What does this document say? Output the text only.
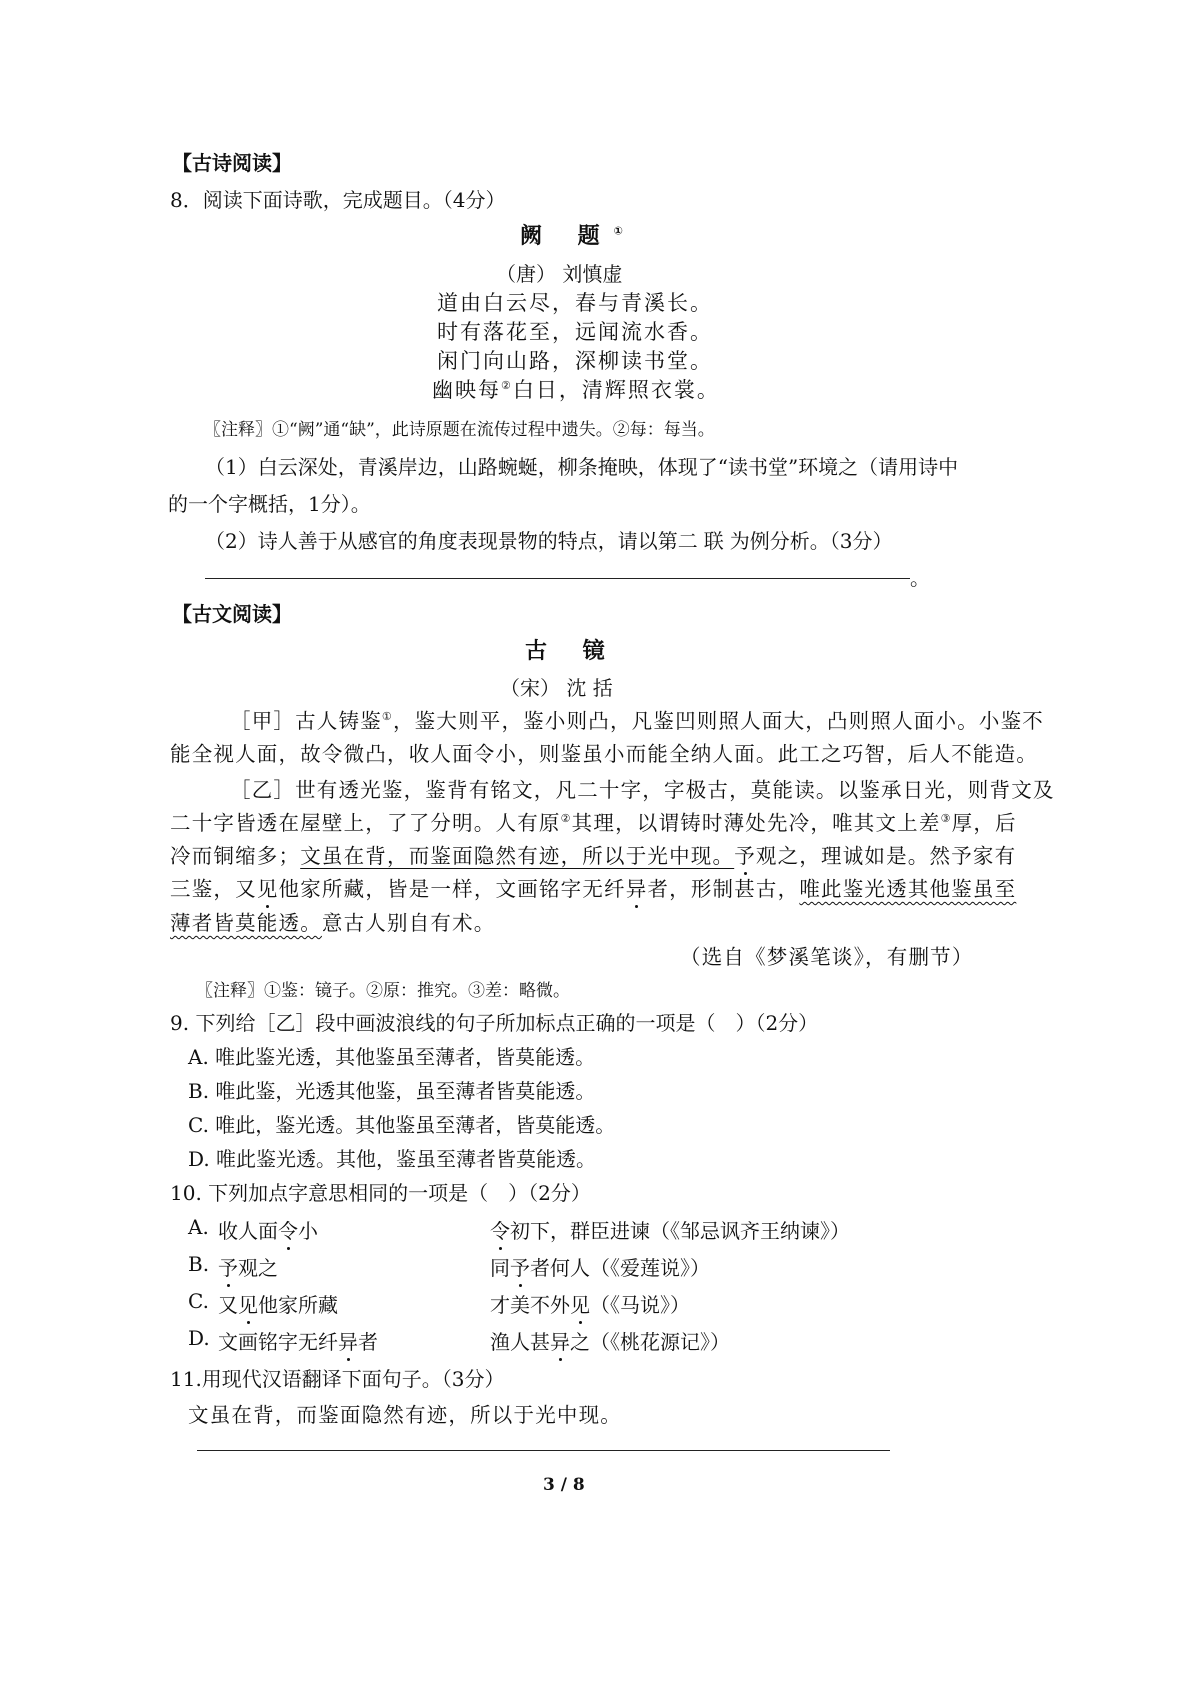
【古诗阅读】
8．阅读下面诗歌，完成题目。（4分）
阙 题①
（唐） 刘慎虚
道由白云尽，春与青溪长。
时有落花至，远闻流水香。
闲门向山路，深柳读书堂。
幽映每②白日，清辉照衣裳。
〖注释〗①“阙”通“缺”，此诗原题在流传过程中遗失。②每：每当。
（1）白云深处，青溪岸边，山路蜿蜒，柳条掩映，体现了“读书堂”环境之（请用诗中
的一个字概括，1分）。
（2）诗人善于从感官的角度表现景物的特点，请以第二联为例分析。（3分）
。
【古文阅读】
古 镜
（宋） 沈 括
［甲］古人铸鉴①，鉴大则平，鉴小则凸，凡鉴凹则照人面大，凸则照人面小。小鉴不
能全视人面，故令微凸，收人面令小，则鉴虽小而能全纳人面。此工之巧智，后人不能造。
［乙］世有透光鉴，鉴背有铭文，凡二十字，字极古，莫能读。以鉴承日光，则背文及
二十字皆透在屋壁上，了了分明。人有原②其理，以谓铸时薄处先冷，唯其文上差③厚，后
冷而铜缩多；文虽在背，而鉴面隐然有迹，所以于光中现。予观之，理诚如是。然予家有
三鉴，又见他家所藏，皆是一样，文画铭字无纤异者，形制甚古，唯此鉴光透其他鉴虽至
薄者皆莫能透。意古人别自有术。
（选自《梦溪笔谈》，有删节）
〖注释〗①鉴：镜子。②原：推究。③差：略微。
9. 下列给［乙］段中画波浪线的句子所加标点正确的一项是（　）（2分）
A. 唯此鉴光透，其他鉴虽至薄者，皆莫能透。
B. 唯此鉴，光透其他鉴，虽至薄者皆莫能透。
C. 唯此，鉴光透。其他鉴虽至薄者，皆莫能透。
D. 唯此鉴光透。其他，鉴虽至薄者皆莫能透。
10. 下列加点字意思相同的一项是（　）（2分）
A. 收人面令小	令初下，群臣进谏（《邹忌讽齐王纳谏》）
B. 予观之	同予者何人（《爱莲说》）
C. 又见他家所藏	才美不外见（《马说》）
D. 文画铭字无纤异者	渔人甚异之（《桃花源记》）
11.用现代汉语翻译下面句子。（3分）
文虽在背，而鉴面隐然有迹，所以于光中现。
3 / 8
